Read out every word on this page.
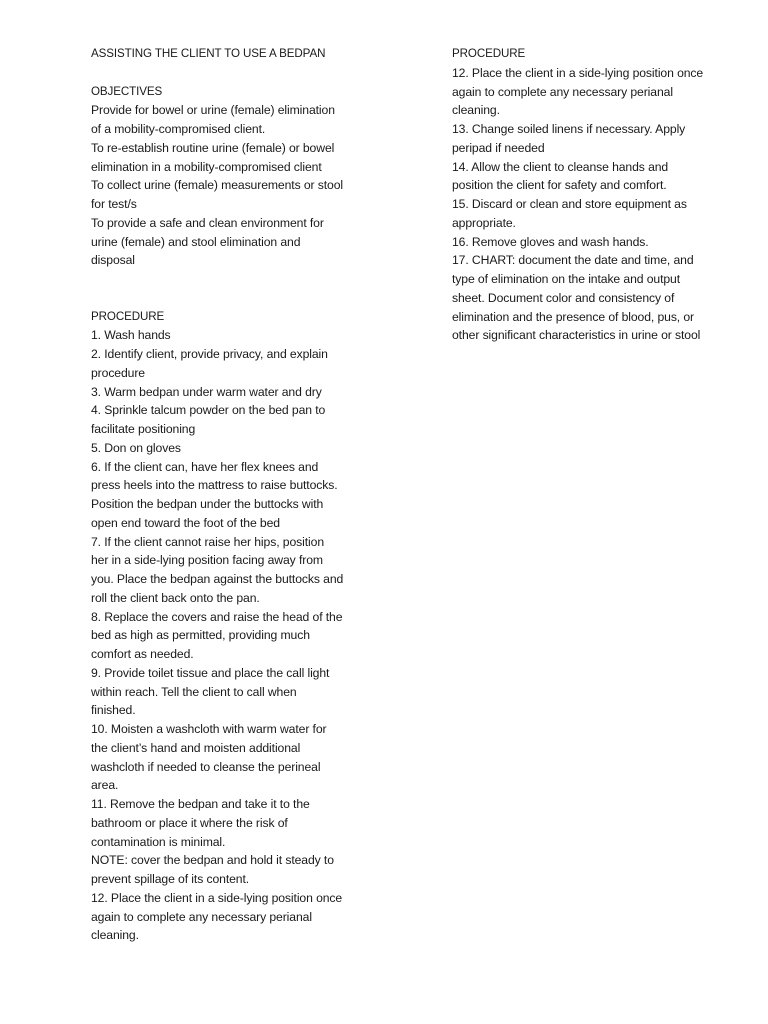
ASSISTING THE CLIENT TO USE A BEDPAN
OBJECTIVES
Provide for bowel or urine (female) elimination
of a mobility-compromised client.
To re-establish routine urine (female) or bowel
elimination in a mobility-compromised client
To collect urine (female) measurements or stool
for test/s
To provide a safe and clean environment for
urine (female) and stool elimination and
disposal
PROCEDURE
1. Wash hands
2. Identify client, provide privacy, and explain
procedure
3. Warm bedpan under warm water and dry
4. Sprinkle talcum powder on the bed pan to
facilitate positioning
5. Don on gloves
6. If the client can, have her flex knees and
press heels into the mattress to raise buttocks.
Position the bedpan under the buttocks with
open end toward the foot of the bed
7. If the client cannot raise her hips, position
her in a side-lying position facing away from
you. Place the bedpan against the buttocks and
roll the client back onto the pan.
8. Replace the covers and raise the head of the
bed as high as permitted, providing much
comfort as needed.
9. Provide toilet tissue and place the call light
within reach. Tell the client to call when
finished.
10. Moisten a washcloth with warm water for
the client’s hand and moisten additional
washcloth if needed to cleanse the perineal
area.
11. Remove the bedpan and take it to the
bathroom or place it where the risk of
contamination is minimal.
NOTE: cover the bedpan and hold it steady to
prevent spillage of its content.
12. Place the client in a side-lying position once
again to complete any necessary perianal
cleaning.
PROCEDURE
12. Place the client in a side-lying position once
again to complete any necessary perianal
cleaning.
13. Change soiled linens if necessary. Apply
peripad if needed
14. Allow the client to cleanse hands and
position the client for safety and comfort.
15. Discard or clean and store equipment as
appropriate.
16. Remove gloves and wash hands.
17. CHART: document the date and time, and
type of elimination on the intake and output
sheet. Document color and consistency of
elimination and the presence of blood, pus, or
other significant characteristics in urine or stool
